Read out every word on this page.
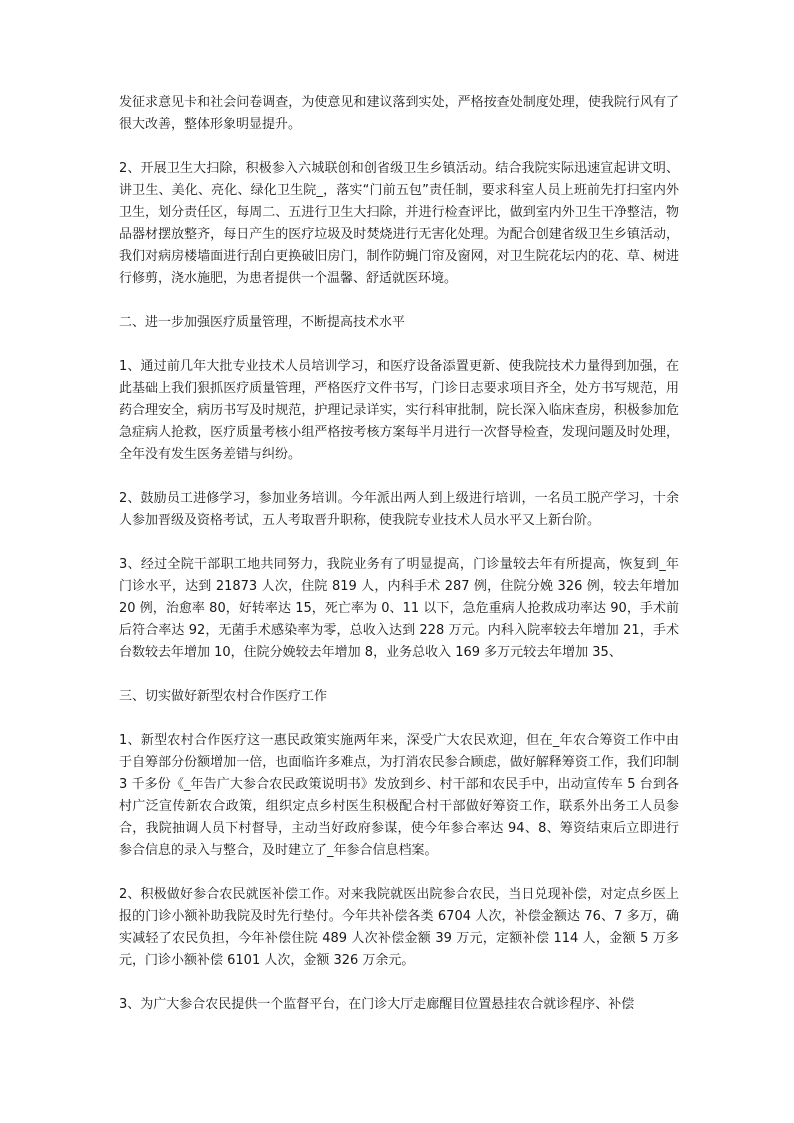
发征求意见卡和社会问卷调查，为使意见和建议落到实处，严格按查处制度处理，使我院行风有了很大改善，整体形象明显提升。

2、开展卫生大扫除，积极参入六城联创和创省级卫生乡镇活动。结合我院实际迅速宣起讲文明、讲卫生、美化、亮化、绿化卫生院_，落实“门前五包”责任制，要求科室人员上班前先打扫室内外卫生，划分责任区，每周二、五进行卫生大扫除，并进行检查评比，做到室内外卫生干净整洁，物品器材摆放整齐，每日产生的医疗垃圾及时焚烧进行无害化处理。为配合创建省级卫生乡镇活动，我们对病房楼墙面进行刮白更换破旧房门，制作防蝇门帘及窗网，对卫生院花坛内的花、草、树进行修剪，浇水施肥，为患者提供一个温馨、舒适就医环境。

二、进一步加强医疗质量管理，不断提高技术水平

1、通过前几年大批专业技术人员培训学习，和医疗设备添置更新、使我院技术力量得到加强，在此基础上我们狠抓医疗质量管理，严格医疗文件书写，门诊日志要求项目齐全，处方书写规范，用药合理安全，病历书写及时规范，护理记录详实，实行科审批制，院长深入临床查房，积极参加危急症病人抢救，医疗质量考核小组严格按考核方案每半月进行一次督导检查，发现问题及时处理，全年没有发生医务差错与纠纷。

2、鼓励员工进修学习，参加业务培训。今年派出两人到上级进行培训，一名员工脱产学习，十余人参加晋级及资格考试，五人考取晋升职称，使我院专业技术人员水平又上新台阶。

3、经过全院干部职工地共同努力，我院业务有了明显提高，门诊量较去年有所提高，恢复到_年门诊水平，达到 21873 人次，住院 819 人，内科手术 287 例，住院分娩 326 例，较去年增加 20 例，治愈率 80，好转率达 15，死亡率为 0、11 以下，急危重病人抢救成功率达 90，手术前后符合率达 92，无菌手术感染率为零，总收入达到 228 万元。内科入院率较去年增加 21，手术台数较去年增加 10，住院分娩较去年增加 8，业务总收入 169 多万元较去年增加 35、

三、切实做好新型农村合作医疗工作

1、新型农村合作医疗这一惠民政策实施两年来，深受广大农民欢迎，但在_年农合筹资工作中由于自筹部分份额增加一倍，也面临许多难点，为打消农民参合顾虑，做好解释筹资工作，我们印制 3 千多份《_年告广大参合农民政策说明书》发放到乡、村干部和农民手中，出动宣传车 5 台到各村广泛宣传新农合政策，组织定点乡村医生积极配合村干部做好筹资工作，联系外出务工人员参合，我院抽调人员下村督导，主动当好政府参谋，使今年参合率达 94、8、筹资结束后立即进行参合信息的录入与整合，及时建立了_年参合信息档案。

2、积极做好参合农民就医补偿工作。对来我院就医出院参合农民，当日兑现补偿，对定点乡医上报的门诊小额补助我院及时先行垫付。今年共补偿各类 6704 人次，补偿金额达 76、7 多万，确实减轻了农民负担，今年补偿住院 489 人次补偿金额 39 万元，定额补偿 114 人，金额 5 万多元，门诊小额补偿 6101 人次，金额 326 万余元。

3、为广大参合农民提供一个监督平台，在门诊大厅走廊醒目位置悬挂农合就诊程序、补偿
